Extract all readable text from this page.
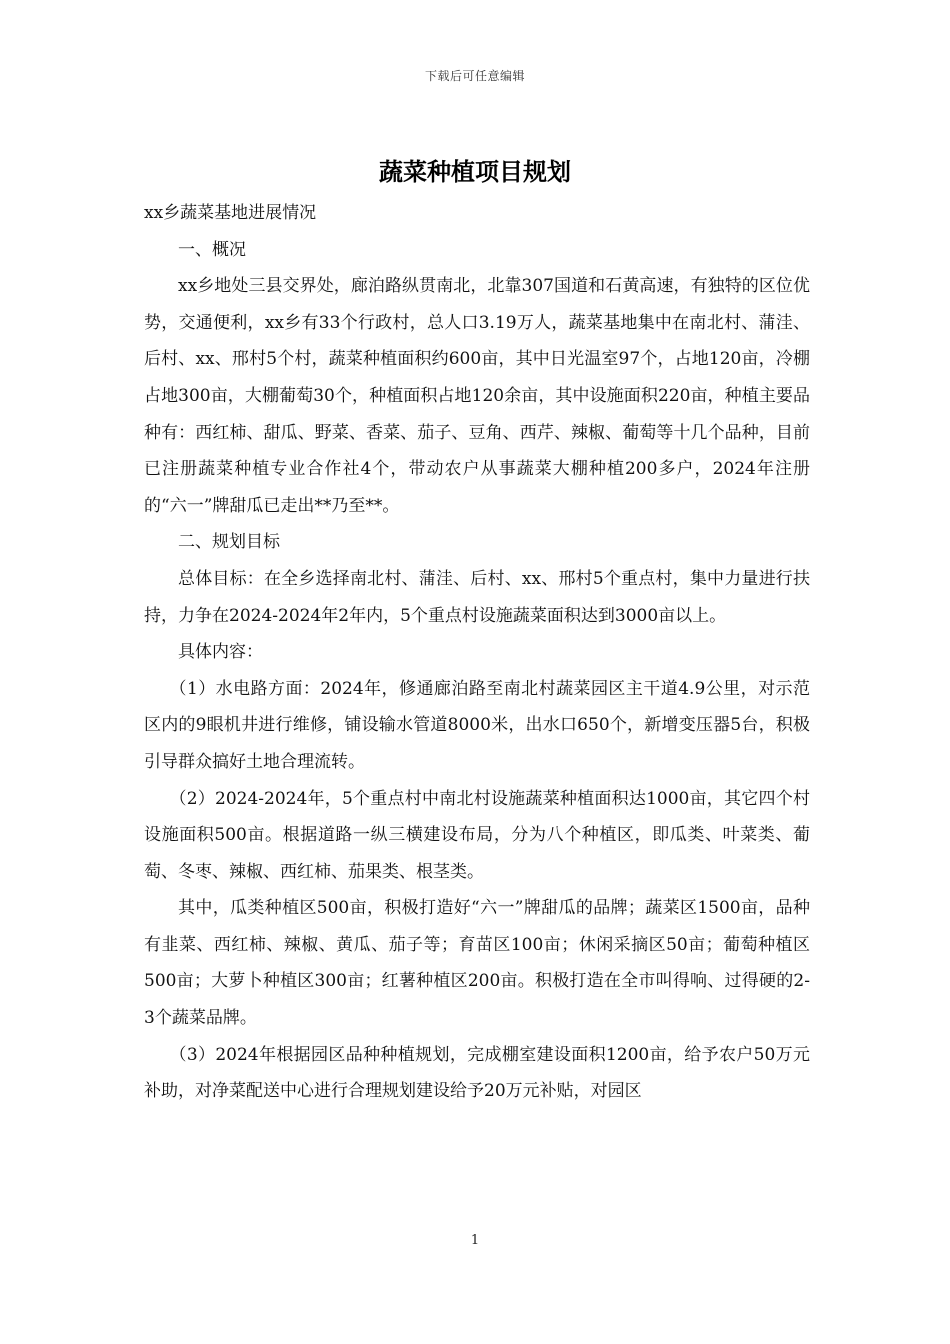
下载后可任意编辑
蔬菜种植项目规划

xx乡蔬菜基地进展情况

一、概况

xx乡地处三县交界处，廊泊路纵贯南北，北靠307国道和石黄高速，有独特的区位优势，交通便利，xx乡有33个行政村，总人口3.19万人，蔬菜基地集中在南北村、蒲洼、后村、xx、邢村5个村，蔬菜种植面积约600亩，其中日光温室97个，占地120亩，冷棚占地300亩，大棚葡萄30个，种植面积占地120余亩，其中设施面积220亩，种植主要品种有：西红柿、甜瓜、野菜、香菜、茄子、豆角、西芹、辣椒、葡萄等十几个品种，目前已注册蔬菜种植专业合作社4个，带动农户从事蔬菜大棚种植200多户，2024年注册的“六一”牌甜瓜已走出**乃至**。

二、规划目标

总体目标：在全乡选择南北村、蒲洼、后村、xx、邢村5个重点村，集中力量进行扶持，力争在2024-2024年2年内，5个重点村设施蔬菜面积达到3000亩以上。

具体内容：

（1）水电路方面：2024年，修通廊泊路至南北村蔬菜园区主干道4.9公里，对示范区内的9眼机井进行维修，铺设输水管道8000米，出水口650个，新增变压器5台，积极引导群众搞好土地合理流转。

（2）2024-2024年，5个重点村中南北村设施蔬菜种植面积达1000亩，其它四个村设施面积500亩。根据道路一纵三横建设布局，分为八个种植区，即瓜类、叶菜类、葡萄、冬枣、辣椒、西红柿、茄果类、根茎类。

其中，瓜类种植区500亩，积极打造好“六一”牌甜瓜的品牌；蔬菜区1500亩，品种有韭菜、西红柿、辣椒、黄瓜、茄子等；育苗区100亩；休闲采摘区50亩；葡萄种植区500亩；大萝卜种植区300亩；红薯种植区200亩。积极打造在全市叫得响、过得硬的2-3个蔬菜品牌。

（3）2024年根据园区品种种植规划，完成棚室建设面积1200亩，给予农户50万元补助，对净菜配送中心进行合理规划建设给予20万元补贴，对园区

1
